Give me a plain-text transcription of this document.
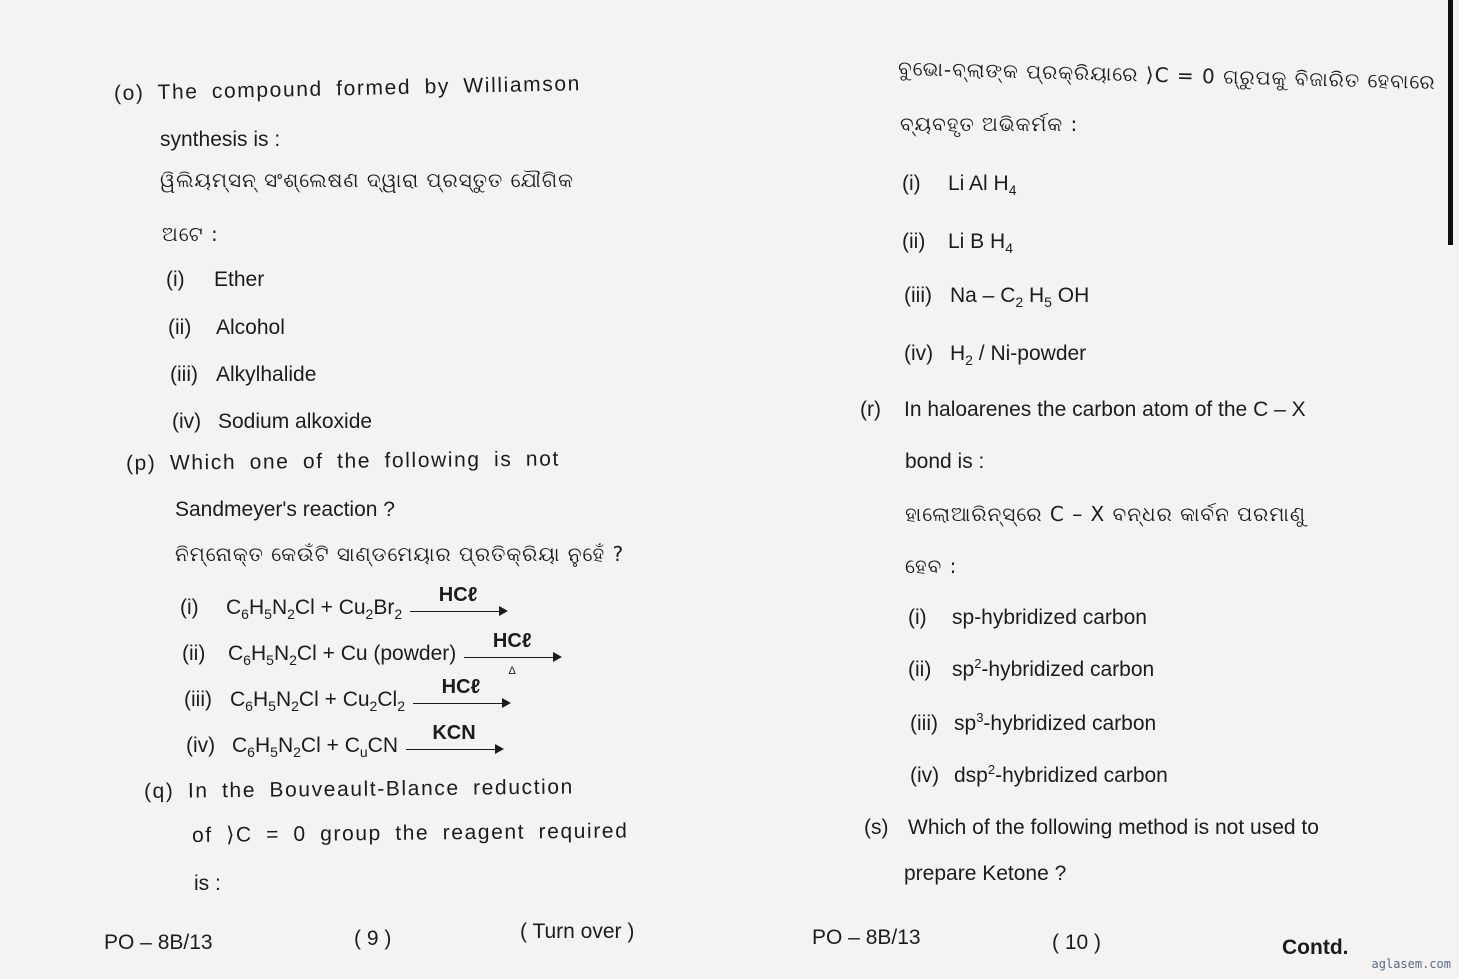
(o) The compound formed by Williamson
synthesis is :
ୱିଲିୟମ୍‌ସନ୍ ସଂଶ୍ଲେଷଣ ଦ୍ୱାରା ପ୍ରସ୍ତୁତ ଯୌଗିକ
ଅଟେ :
(i) Ether
(ii) Alcohol
(iii) Alkylhalide
(iv) Sodium alkoxide
(p) Which one of the following is not
Sandmeyer's reaction ?
ନିମ୍ନୋକ୍ତ କେଉଁଟି ସାଣ୍ଡମେୟାର ପ୍ରତିକ୍ରିୟା ନୁହେଁ ?
(i) $C_6H_5N_2Cl + Cu_2Br_2$
HCℓ
(ii) $C_6H_5N_2Cl + Cu$ (powder)
HCℓ
Δ
(iii) $C_6H_5N_2Cl + Cu_2Cl_2$
HCℓ
(iv) $C_6H_5N_2Cl + C_uCN$
KCN
(q) In the Bouveault-Blance reduction
of ⟩C = 0 group the reagent required
is :
PO – 8B/13	( 9 )	( Turn over )
ବୁଭୋ-ବ୍ଲାଙ୍କ ପ୍ରକ୍ରିୟାରେ ⟩C = 0 ଗ୍ରୁପକୁ ବିଜାରିତ ହେବାରେ
ବ୍ୟବହୃତ ଅଭିକର୍ମକ :
(i) Li Al $H_4$
(ii) Li B $H_4$
(iii) Na – $C_2$ $H_5$ OH
(iv) $H_2$ / Ni-powder
(r) In haloarenes the carbon atom of the C – X
bond is :
ହାଲୋଆରିନ୍‌ସ୍‌ରେ C – X ବନ୍ଧର କାର୍ବନ ପରମାଣୁ
ହେବ :
(i) sp-hybridized carbon
(ii) $sp^2$-hybridized carbon
(iii) $sp^3$-hybridized carbon
(iv) dsp$^2$-hybridized carbon
(s) Which of the following method is not used to
prepare Ketone ?
PO – 8B/13	( 10 )	Contd.
aglasem.com
